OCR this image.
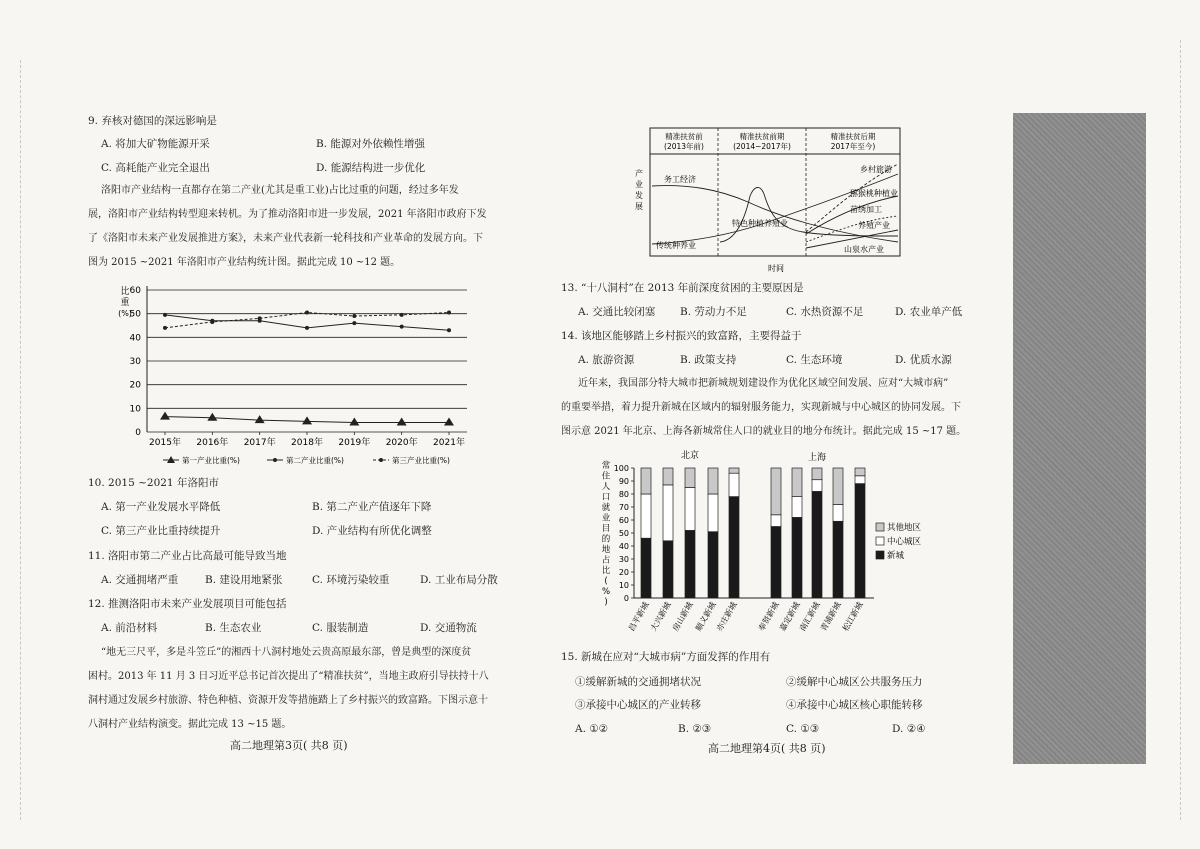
9. 弃核对德国的深远影响是
A. 将加大矿物能源开采	B. 能源对外依赖性增强
C. 高耗能产业完全退出	D. 能源结构进一步优化
洛阳市产业结构一直都存在第二产业(尤其是重工业)占比过重的问题，经过多年发
展，洛阳市产业结构转型迎来转机。为了推动洛阳市进一步发展，2021 年洛阳市政府下发
了《洛阳市未来产业发展推进方案》，未来产业代表新一轮科技和产业革命的发展方向。下
图为 2015 ~2021 年洛阳市产业结构统计图。据此完成 10 ~12 题。
0
10
20
30
40
50
60
比
重
(%)
2015年 2016年 2017年 2018年 2019年 2020年 2021年
第一产业比重(%)	第二产业比重(%)	第三产业比重(%)
10. 2015 ~2021 年洛阳市
A. 第一产业发展水平降低	B. 第二产业产值逐年下降
C. 第三产业比重持续提升	D. 产业结构有所优化调整
11. 洛阳市第二产业占比高最可能导致当地
A. 交通拥堵严重	B. 建设用地紧张	C. 环境污染较重	D. 工业布局分散
12. 推测洛阳市未来产业发展项目可能包括
A. 前沿材料	B. 生态农业	C. 服装制造	D. 交通物流
“地无三尺平，多是斗笠丘”的湘西十八洞村地处云贵高原最东部，曾是典型的深度贫
困村。2013 年 11 月 3 日习近平总书记首次提出了“精准扶贫”，当地主政府引导扶持十八
洞村通过发展乡村旅游、特色种植、资源开发等措施踏上了乡村振兴的致富路。下图示意十
八洞村产业结构演变。据此完成 13 ~15 题。
高二地理第3页( 共8 页)
精准扶贫前
(2013年前)
精准扶贫前期
(2014~2017年)
精准扶贫后期
2017年至今)
产
业
发
展
务工经济
特色种植养殖业
传统种养业
乡村旅游
猕猴桃种植业
苗绣加工
养殖产业
山泉水产业
时间
13. “十八洞村”在 2013 年前深度贫困的主要原因是
A. 交通比较闭塞 B. 劳动力不足	C. 水热资源不足	D. 农业单产低
14. 该地区能够踏上乡村振兴的致富路，主要得益于
A. 旅游资源	B. 政策支持	C. 生态环境	D. 优质水源
近年来，我国部分特大城市把新城规划建设作为优化区域空间发展、应对“大城市病”
的重要举措，着力提升新城在区域内的辐射服务能力，实现新城与中心城区的协同发展。下
图示意 2021 年北京、上海各新城常住人口的就业目的地分布统计。据此完成 15 ~17 题。
常
住
人
口
就
业
目
的
地
占
比
(
%
) 0
10
20
30
40
50
60
70
80
90
100
北京	上海
昌平新城
大兴新城
房山新城 顺义新城
亦庄新城 奉贤新城
嘉定新城
南汇新城
青浦新城
松江新城
其他地区
中心城区
新城
15. 新城在应对“大城市病”方面发挥的作用有
①缓解新城的交通拥堵状况	②缓解中心城区公共服务压力
③承接中心城区的产业转移	④承接中心城区核心职能转移
A. ①②	B. ②③	C. ①③	D. ②④
高二地理第4页( 共8 页)
